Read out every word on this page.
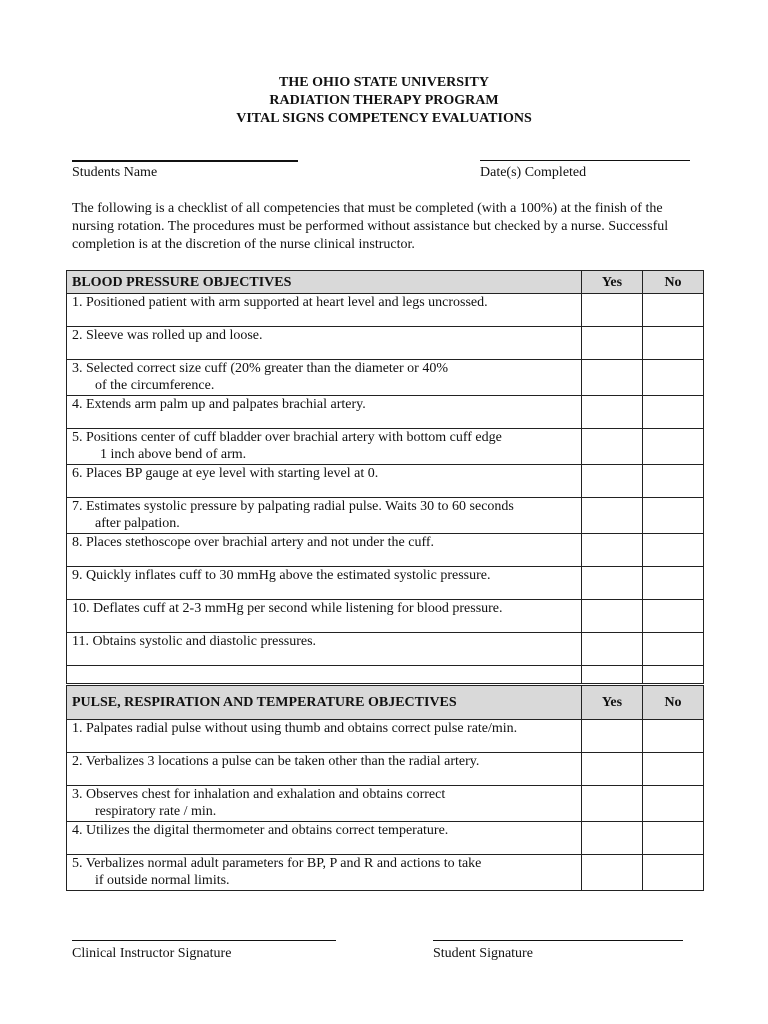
THE OHIO STATE UNIVERSITY
RADIATION THERAPY PROGRAM
VITAL SIGNS COMPETENCY EVALUATIONS
Students Name	Date(s) Completed
The following is a checklist of all competencies that must be completed (with a 100%) at the finish of the nursing rotation. The procedures must be performed without assistance but checked by a nurse. Successful completion is at the discretion of the nurse clinical instructor.
BLOOD PRESSURE OBJECTIVES	Yes	No
1. Positioned patient with arm supported at heart level and legs uncrossed.		
2. Sleeve was rolled up and loose.		
3. Selected correct size cuff (20% greater than the diameter or 40%
of the circumference.		

4. Extends arm palm up and palpates brachial artery.		
5. Positions center of cuff bladder over brachial artery with bottom cuff edge
1 inch above bend of arm.		

6. Places BP gauge at eye level with starting level at 0.		
7. Estimates systolic pressure by palpating radial pulse. Waits 30 to 60 seconds
after palpation.		

8. Places stethoscope over brachial artery and not under the cuff.		
9. Quickly inflates cuff to 30 mmHg above the estimated systolic pressure.		
10. Deflates cuff at 2-3 mmHg per second while listening for blood pressure.		
11. Obtains systolic and diastolic pressures.		

PULSE, RESPIRATION AND TEMPERATURE OBJECTIVES	Yes	No
1. Palpates radial pulse without using thumb and obtains correct pulse rate/min.		
2. Verbalizes 3 locations a pulse can be taken other than the radial artery.		
3. Observes chest for inhalation and exhalation and obtains correct
respiratory rate / min.		

4. Utilizes the digital thermometer and obtains correct temperature.		
5. Verbalizes normal adult parameters for BP, P and R and actions to take
if outside normal limits.		

Clinical Instructor Signature	Student Signature
